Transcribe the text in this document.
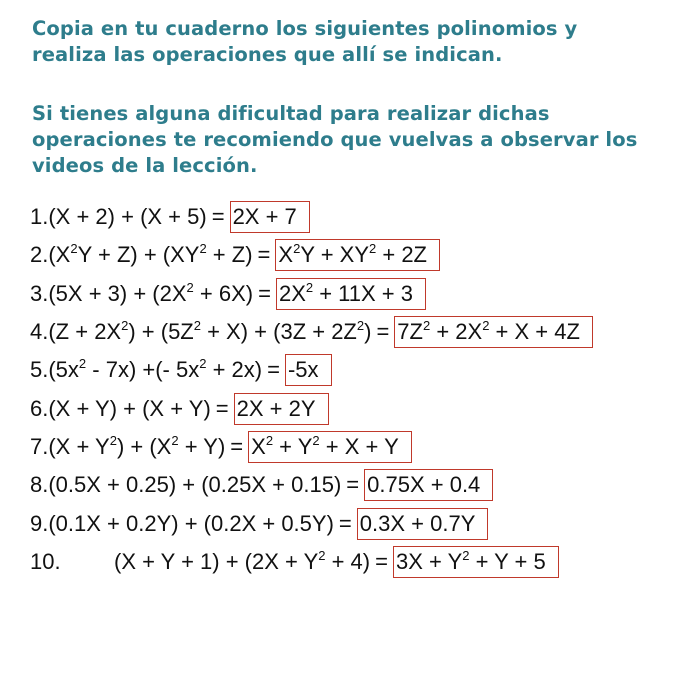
Copia en tu cuaderno los siguientes polinomios y
realiza las operaciones que allí se indican.
Si tienes alguna dificultad para realizar dichas
operaciones te recomiendo que vuelvas a observar los
videos de la lección.
1. (X + 2) + (X + 5) = 2X + 7
2. $(X^2Y + Z) + (XY^2 + Z) = X^2Y + XY^2 + 2Z$
3. $(5X + 3) + (2X^2 + 6X) = 2X^2 + 11X + 3$
4. $(Z + 2X^2) + (5Z^2 + X) + (3Z + 2Z^2) = 7Z^2 + 2X^2 + X + 4Z$
5. $(5x^2 - 7x)$ +(- $5x^2 + 2x) = -5x$
6. (X + Y) + (X + Y) = 2X + 2Y
7. $(X + Y^2) + (X^2 + Y) = X^2 + Y^2 + X + Y$
8. (0.5X + 0.25) + (0.25X + 0.15) = 0.75X + 0.4
9. (0.1X + 0.2Y) + (0.2X + 0.5Y) = 0.3X + 0.7Y
10.	$(X + Y + 1) + (2X + Y^2 + 4) = 3X + Y^2 + Y + 5$
